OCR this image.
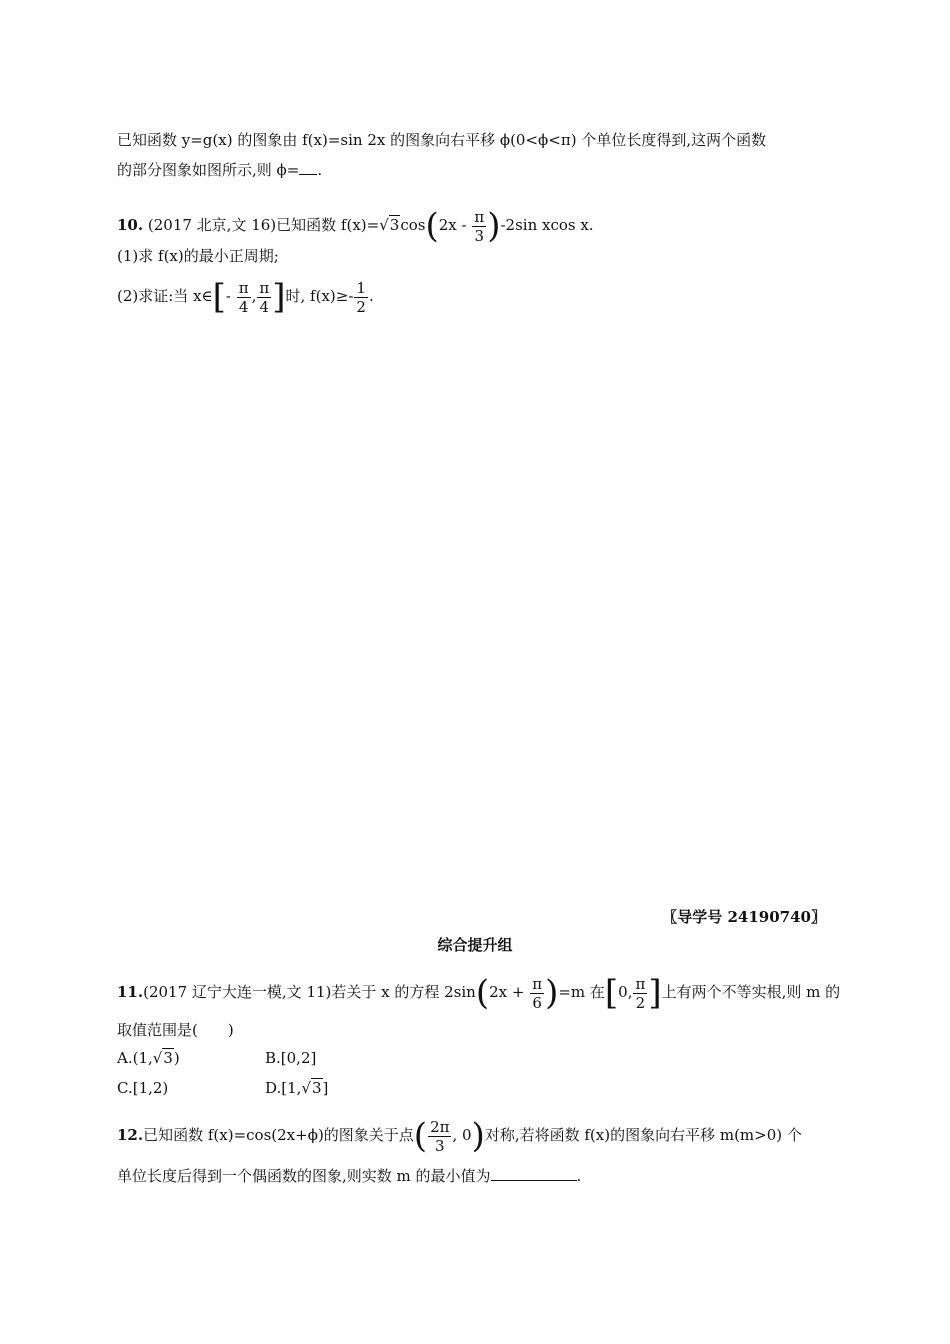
已知函数 y=g(x) 的图象由 f(x)=sin 2x 的图象向右平移 ϕ(0<ϕ<π) 个单位长度得到,这两个函数
的部分图象如图所示,则 ϕ= .
10. (2017 北京,文 16)已知函数 $f(x)=√3\cos(2x - \frac{\pi}{3} )-2\sin$ xcos x.
(1)求 f(x)的最小正周期;
(2)求证:当 x∈[- $\frac{\pi}{4}$ , $\frac{\pi}{4}$ ]时, $f(x)\ge- \frac{1}{2}$ .
〖导学号 24190740〗
综合提升组
11.(2017 辽宁大连一模,文 11)若关于 x 的方程 $2\sin(2x + \frac{\pi}{6} )=m$ 在[0, $\frac{\pi}{2}$ ]上有两个不等实根,则 m 的
取值范围是(　　)
A.(1,√3)	B.[0,2]
C.[1,2)	D.[1,√3]
12.已知函数 f(x)=cos(2x+ϕ)的图象关于点( $\frac{2\pi}{3}$ , 0)对称,若将函数 f(x)的图象向右平移 m(m>0) 个
单位长度后得到一个偶函数的图象,则实数 m 的最小值为	.
